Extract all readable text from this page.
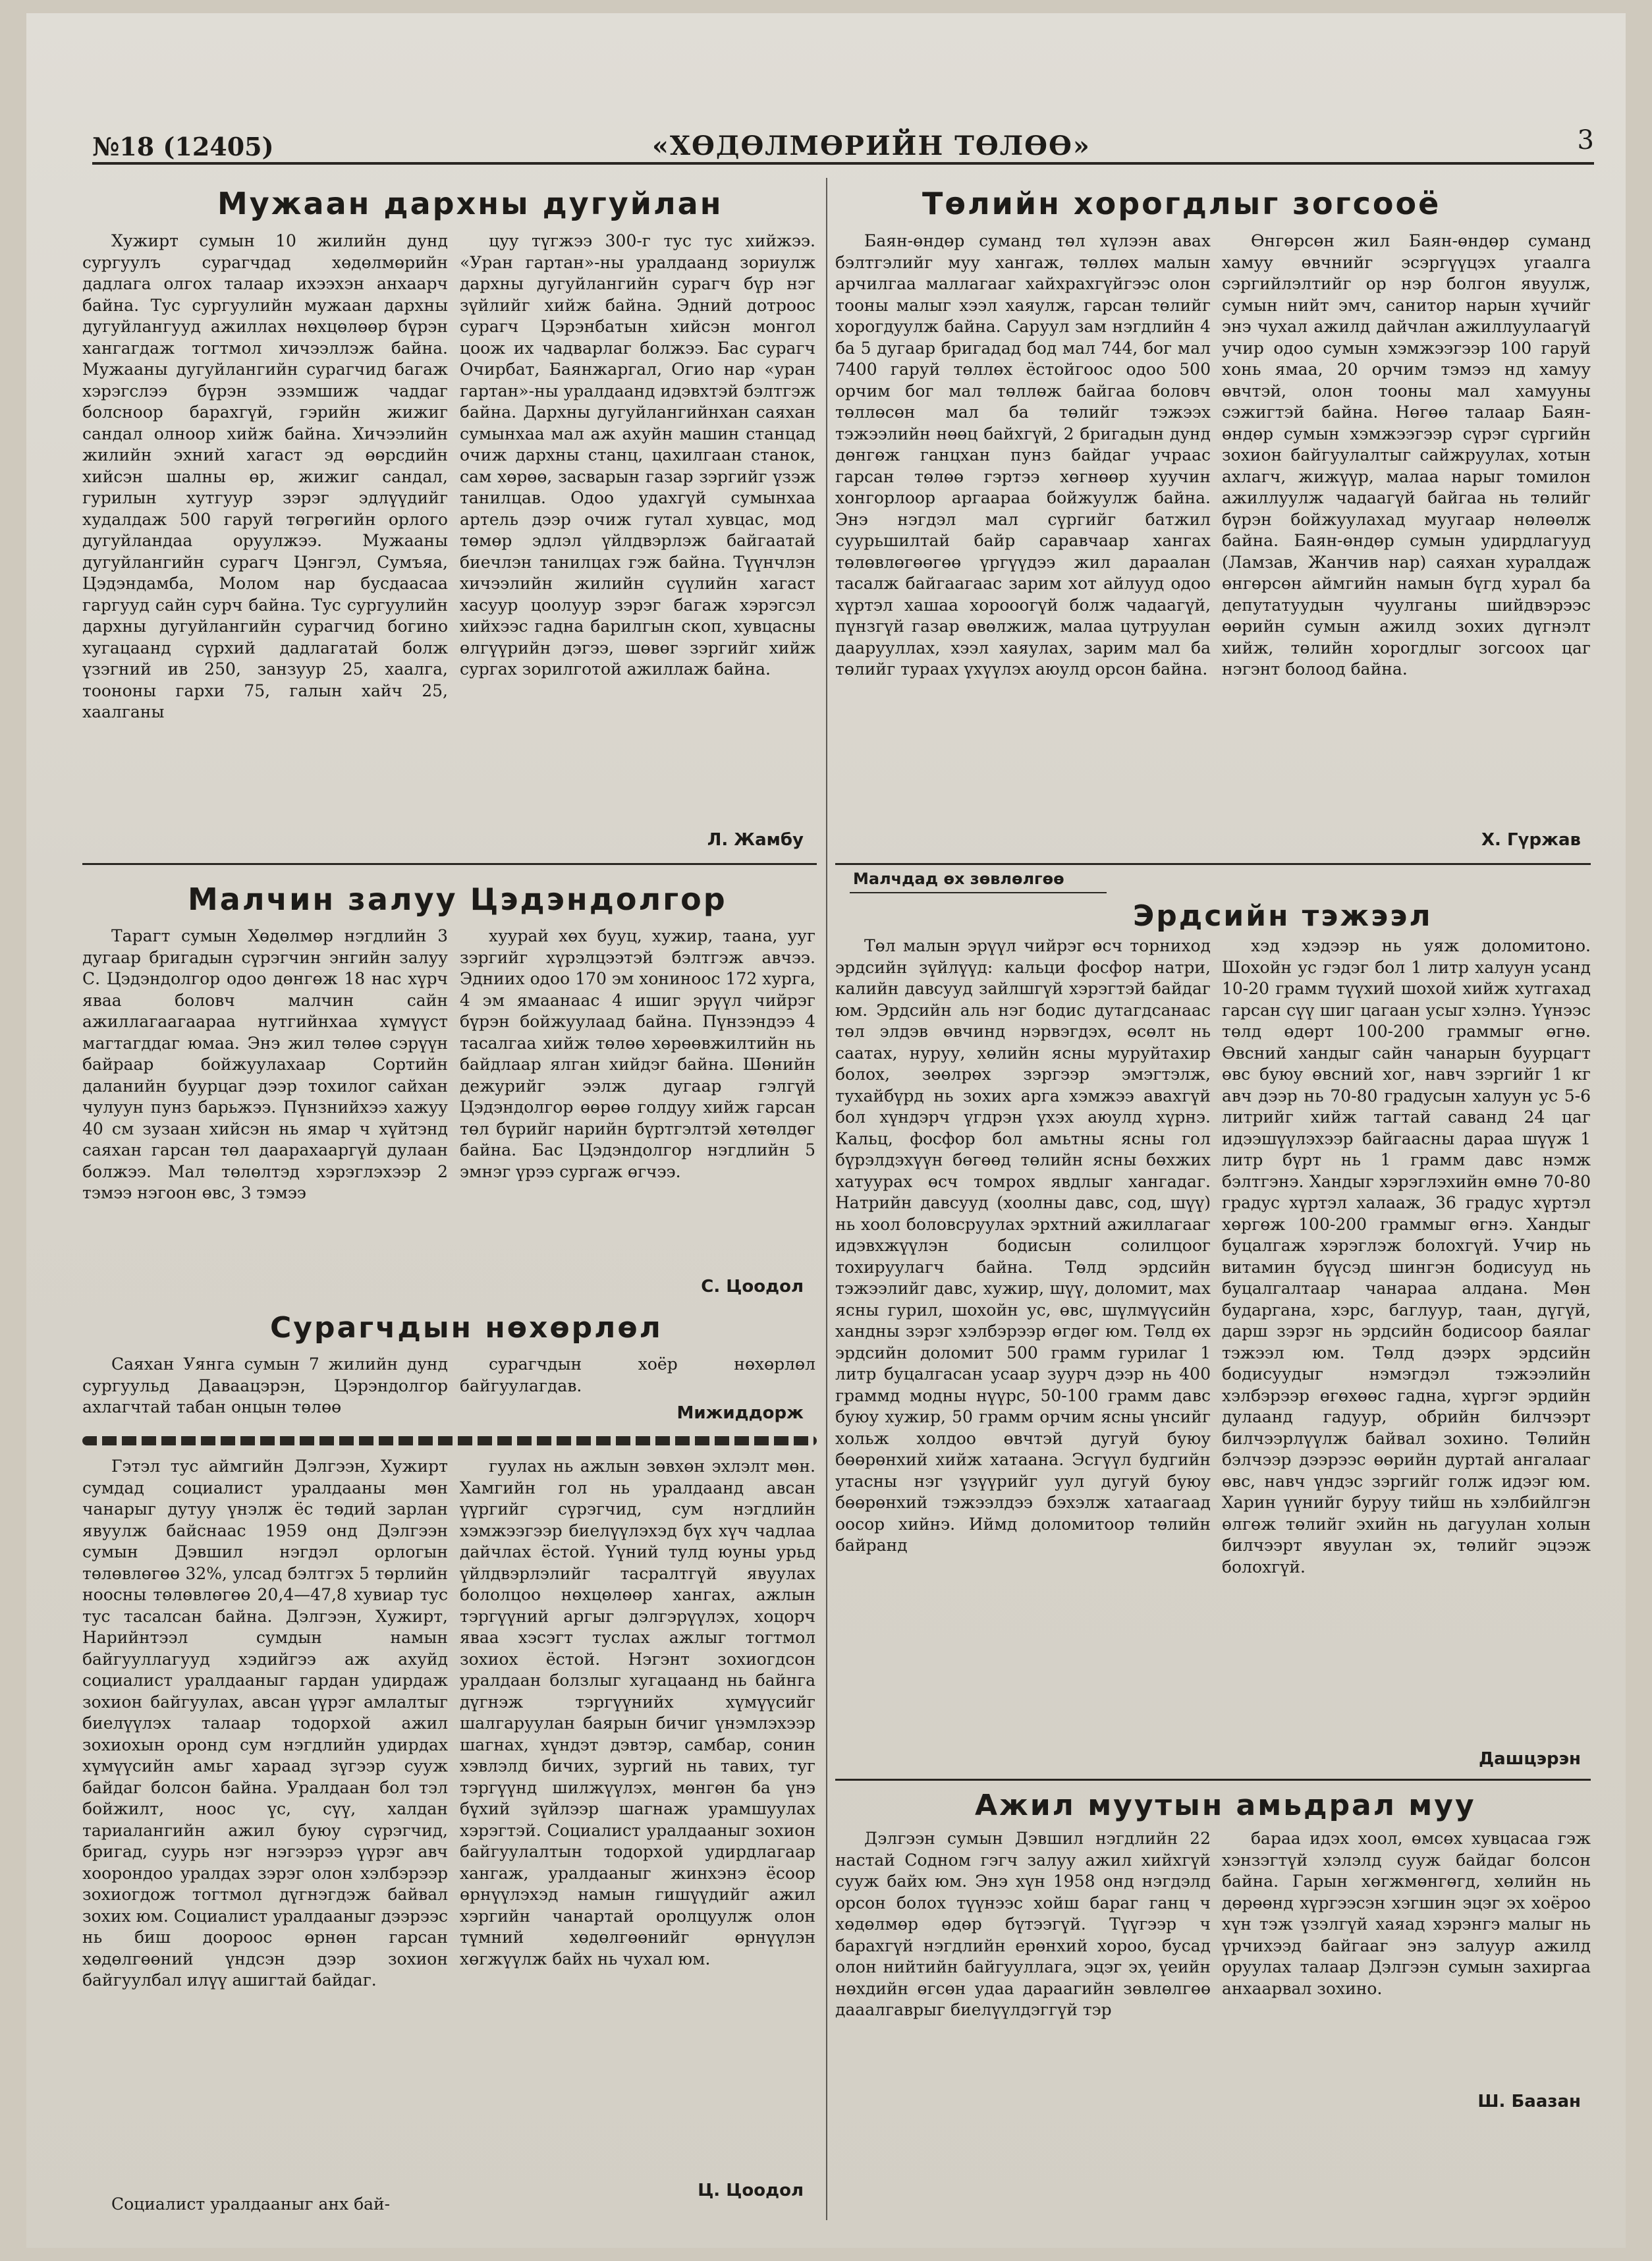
№18 (12405)	«ХӨДӨЛМӨРИЙН ТӨЛӨӨ»	3
Мужаан дархны дугуйлан

Хужирт сумын 10 жилийн дунд сургуулъ сурагчдад хөдөлмөрийн дадлага олгох талаар ихээхэн анхаарч байна. Тус сургуулийн мужаан дархны дугуйлангууд ажиллах нөхцөлөөр бүрэн хангагдаж тогтмол хичээллэж байна. Мужааны дугуйлангийн сурагчид багаж хэрэгслээ бүрэн эзэмшиж чаддаг болсноор барахгүй, гэрийн жижиг сандал олноор хийж байна. Хичээлийн жилийн эхний хагаст эд өөрсдийн хийсэн шалны өр, жижиг сандал, гурилын хутгуур зэрэг эдлүүдийг худалдаж 500 гаруй төгрөгийн орлого дугуйландаа оруулжээ. Мужааны дугуйлангийн сурагч Цэнгэл, Сумъяа, Цэдэндамба, Молом нар бусдаасаа гаргууд сайн сурч байна. Тус сургуулийн дархны дугуйлангийн сурагчид богино хугацаанд сүрхий дадлагатай болж үзэгний ив 250, занзуур 25, хаалга, тоононы гархи 75, галын хайч 25, хаалганы

цуу түгжээ 300-г тус тус хийжээ. «Уран гартан»-ны уралдаанд зориулж дархны дугуйлангийн сурагч бүр нэг зүйлийг хийж байна. Эдний дотроос сурагч Цэрэнбатын хийсэн монгол цоож их чадварлаг болжээ. Бас сурагч Очирбат, Баянжаргал, Огио нар «уран гартан»-ны уралдаанд идэвхтэй бэлтгэж байна. Дархны дугуйлангийнхан саяхан сумынхаа мал аж ахуйн машин станцад очиж дархны станц, цахилгаан станок, сам хөрөө, засварын газар зэргийг үзэж танилцав. Одоо удахгүй сумынхаа артель дээр очиж гутал хувцас, мод төмөр эдлэл үйлдвэрлэж байгаатай биечлэн танилцах гэж байна. Түүнчлэн хичээлийн жилийн сүүлийн хагаст хасуур цоолуур зэрэг багаж хэрэгсэл хийхээс гадна барилгын скоп, хувцасны өлгүүрийн дэгээ, шөвөг зэргийг хийж сургах зорилготой ажиллаж байна.

Л. Жамбу
Төлийн хорогдлыг зогсооё

Баян-өндөр суманд төл хүлээн авах бэлтгэлийг муу хангаж, төллөх малын арчилгаа маллагааг хайхрахгүйгээс олон тооны малыг хээл хаяулж, гарсан төлийг хорогдуулж байна. Саруул зам нэгдлийн 4 ба 5 дугаар бригадад бод мал 744, бог мал 7400 гаруй төллөх ёстойгоос одоо 500 орчим бог мал төллөж байгаа боловч төллөсөн мал ба төлийг тэжээх тэжээлийн нөөц байхгүй, 2 бригадын дунд дөнгөж ганцхан пунз байдаг учраас гарсан төлөө гэртээ хөгнөөр хуучин хонгорлоор аргаараа бойжуулж байна. Энэ нэгдэл мал сүргийг батжил суурьшилтай байр саравчаар хангах төлөвлөгөөгөө үргүүдээ жил дараалан тасалж байгаагаас зарим хот айлууд одоо хүртэл хашаа хорооогүй болж чадаагүй, пүнзгүй газар өвөлжиж, малаа цутруулан даарууллах, хээл хаяулах, зарим мал ба төлийг тураах үхүүлэх аюулд орсон байна.

Өнгөрсөн жил Баян-өндөр суманд хамуу өвчнийг эсэргүүцэх угаалга сэргийлэлтийг ор нэр болгон явуулж, сумын нийт эмч, санитор нарын хүчийг энэ чухал ажилд дайчлан ажиллуулаагүй учир одоо сумын хэмжээгээр 100 гаруй хонь ямаа, 20 орчим тэмээ нд хамуу өвчтэй, олон тооны мал хамууны сэжигтэй байна. Нөгөө талаар Баян-өндөр сумын хэмжээгээр сүрэг сүргийн зохион байгуулалтыг сайжруулах, хотын ахлагч, жижүүр, малаа нарыг томилон ажиллуулж чадаагүй байгаа нь төлийг бүрэн бойжуулахад муугаар нөлөөлж байна. Баян-өндөр сумын удирдлагууд (Ламзав, Жанчив нар) саяхан хуралдаж өнгөрсөн аймгийн намын бүгд хурал ба депутатуудын чуулганы шийдвэрээс өөрийн сумын ажилд зохих дүгнэлт хийж, төлийн хорогдлыг зогсоох цаг нэгэнт болоод байна.

Х. Гүржав
Малчин залуу Цэдэндолгор

Тарагт сумын Хөдөлмөр нэгдлийн 3 дугаар бригадын сүрэгчин энгийн залуу С. Цэдэндолгор одоо дөнгөж 18 нас хүрч явaa боловч малчин сайн ажиллагаагаараа нутгийнхаа хүмүүст магтагддаг юмаа. Энэ жил төлөө сэрүүн байраар бойжуулахаар Сортийн даланийн буурцаг дээр тохилог сайхан чулуун пунз барьжээ. Пүнзнийхээ хажуу 40 см зузаан хийсэн нь ямар ч хүйтэнд саяхан гарсан төл даарахааргүй дулаан болжээ. Мал төлөлтэд хэрэглэхээр 2 тэмээ нэгоон өвс, 3 тэмээ

хуурай хөх бууц, хужир, таана, ууг зэргийг хүрэлцээтэй бэлтгэж авчээ. Эдниих одоо 170 эм хониноос 172 хурга, 4 эм ямаанаас 4 ишиг эрүүл чийрэг бүрэн бойжуулаад байна. Пүнзэндээ 4 тасалгаа хийж төлөө хөрөөвжилтийн нь байдлаар ялган хийдэг байна. Шөнийн дежурийг ээлж дугаар гэлгүй Цэдэндолгор өөрөө голдуу хийж гарсан төл бүрийг нарийн бүртгэлтэй хөтөлдөг байна. Бас Цэдэндолгор нэгдлийн 5 эмнэг үрээ сургаж өгчээ.

С. Цоодол
Сурагчдын нөхөрлөл

Саяхан Уянга сумын 7 жилийн дунд сургуульд Даваацэрэн, Цэрэндолгор ахлагчтай табан онцын төлөө

сурагчдын хоёр нөхөрлөл байгуулагдав.

Мижиддорж

Гэтэл тус аймгийн Дэлгээн, Хужирт сумдад социалист уралдааны мөн чанарыг дутуу үнэлж ёс төдий зарлан явуулж байснаас 1959 онд Дэлгээн сумын Дэвшил нэгдэл орлогын төлөвлөгөө 32%, улсад бэлтгэх 5 төрлийн нооcны төлөвлөгөө 20,4—47,8 хувиар тус тус тасалсан байна. Дэлгээн, Хужирт, Нарийнтээл сумдын намын байгууллагууд хэдийгээ аж ахуйд социалист уралдааныг гардан удирдаж зохион байгуулах, авсан үүрэг амлалтыг биелүүлэх талаар тодорхой ажил зохиохын оронд сум нэгдлийн удирдах хүмүүсийн амьг хараад зүгээр сууж байдаг болсон байна. Уралдаан бол тэл бойжилт, ноос үс, сүү, халдан тариалангийн ажил буюу сүрэгчид, бригад, суурь нэг нэгээрээ үүрэг авч хоорондоо уралдах зэрэг олон хэлбэрээр зохиогдож тогтмол дүгнэгдэж байвал зохих юм. Социалист уралдааныг дээрээс нь биш доороос өрнөн гарсан хөдөлгөөний үндсэн дээр зохион байгуулбал илүү ашигтай байдаг.

Социалист уралдааныг анх бай-

гуулах нь ажлын зөвхөн эхлэлт мөн. Хамгийн гол нь уралдаанд авсан үүргийг сүрэгчид, сум нэгдлийн хэмжээгээр биелүүлэхэд бүх хүч чадлаа дайчлах ёстой. Үүний тулд юуны урьд үйлдвэрлэлийг тасралтгүй явуулах бололцоо нөхцөлөөр хангах, ажлын тэргүүний аргыг дэлгэрүүлэх, хоцорч яваа хэсэгт туслах ажлыг тогтмол зохиох ёстой. Нэгэнт зохиогдсон уралдаан болзлыг хугацаанд нь байнга дүгнэж тэргүүнийх хүмүүсийг шалгаруулан баярын бичиг үнэмлэхээр шагнах, хүндэт дэвтэр, самбар, сонин хэвлэлд бичих, зургий нь тавих, туг тэргүүнд шилжүүлэх, мөнгөн ба үнэ бүхий зүйлээр шагнаж урамшуулах хэрэгтэй. Социалист уралдааныг зохион байгуулалтын тодорхой удирдлагаар хангаж, уралдааныг жинхэнэ ёсоор өрнүүлэхэд намын гишүүдийг ажил хэргийн чанартай оролцуулж олон түмний хөдөлгөөнийг өрнүүлэн хөгжүүлж байх нь чухал юм.

Ц. Цоодол
Малчдад өх зөвлөлгөө
Эрдсийн тэжээл

Төл малын эрүүл чийрэг өсч торниход эрдсийн зүйлүүд: кальци фосфор натри, калийн давсууд зайлшгүй хэрэгтэй байдаг юм. Эрдсийн аль нэг бодис дутагдсанаас төл элдэв өвчинд нэрвэгдэх, өсөлт нь саатах, нуруу, хөлийн ясны муруйтахир болох, зөөлрөх зэргээр эмэгтэлж, тухайбүрд нь зохих арга хэмжээ авахгүй бол хүндэрч үгдрэн үхэх аюулд хүрнэ. Кальц, фосфор бол амьтны ясны гол бүрэлдэхүүн бөгөөд төлийн ясны бөхжих хатуурах өсч томрох явдлыг хангадаг. Натрийн давсууд (хоолны давс, сод, шүү) нь хоол боловсруулах эрхтний ажиллагааг идэвхжүүлэн бодисын солилцоог тохируулагч байна. Төлд эрдсийн тэжээлийг давс, хужир, шүү, доломит, мах ясны гурил, шохойн ус, өвс, шүлмүүсийн хандны зэрэг хэлбэрээр өгдөг юм. Төлд өх эрдсийн доломит 500 грамм гурилаг 1 литр буцалгасан усаар зуурч дээр нь 400 граммд модны нүүрс, 50-100 грамм давс буюу хужир, 50 грамм орчим ясны үнсийг хольж холдоо өвчтэй дугуй буюу бөөрөнхий хийж хатаана. Эсгүүл будгийн утасны нэг үзүүрийг уул дугуй буюу бөөрөнхий тэжээлдээ бэхэлж хатаагаад оосор хийнэ. Иймд доломитоор төлийн байранд

хэд хэдээр нь уяж доломитоно. Шохойн ус гэдэг бол 1 литр халуун усанд 10-20 грамм түүхий шохой хийж хутгахад гарсан сүү шиг цагаан усыг хэлнэ. Үүнээс төлд өдөрт 100-200 граммыг өгнө. Өвсний хандыг сайн чанарын буурцагт өвс буюу өвсний хог, навч зэргийг 1 кг авч дээр нь 70-80 градусын халуун ус 5-6 литрийг хийж тагтай саванд 24 цаг идээшүүлэхээр байгаасны дараа шүүж 1 литр бүрт нь 1 грамм давс нэмж бэлтгэнэ. Хандыг хэрэглэхийн өмнө 70-80 градус хүртэл халааж, 36 градус хүртэл хөргөж 100-200 граммыг өгнэ. Хандыг буцалгаж хэрэглэж болохгүй. Учир нь витамин бүүсэд шингэн бодисууд нь буцалгалтаар чанараа алдана. Мөн бударгана, хэрс, баглуур, таан, дүгүй, дарш зэрэг нь эрдсийн бодисоор баялаг тэжээл юм. Төлд дээрх эрдсийн бодисуудыг нэмэгдэл тэжээлийн хэлбэрээр өгөхөөс гадна, хүргэг эрдийн дулаанд гадуур, обрийн билчээрт билчээрлүүлж байвал зохино. Төлийн бэлчээр дээрээс өөрийн дуртай ангалааг өвс, навч үндэс зэргийг голж идээг юм. Харин үүнийг буруу тийш нь хэлбийлгэн өлгөж төлийг эхийн нь дагуулан холын билчээрт явуулан эх, төлийг эцээж болохгүй.

Дашцэрэн
Ажил муутын амьдрал муу

Дэлгээн сумын Дэвшил нэгдлийн 22 настай Содном гэгч залуу ажил хийхгүй сууж байх юм. Энэ хүн 1958 онд нэгдэлд орсон болох түүнээс хойш бараг ганц ч хөдөлмөр өдөр бүтээгүй. Түүгээр ч барахгүй нэгдлийн ерөнхий хороо, бусад олон нийтийн байгууллага, эцэг эх, үеийн нөхдийн өгсөн удаа дараагийн зөвлөлгөө дааалгаврыг биелүүлдэггүй тэр

бараа идэх хоол, өмсөх хувцасаа гэж хэнзэгтүй хэлэлд сууж байдаг болсон байна. Гарын хөгжмөнгөгд, хөлийн нь дөрөөнд хүргээсэн хэгшин эцэг эх хоёроо хүн тэж үзэлгүй хаяад хэрэнгэ малыг нь үрчихээд байгааг энэ залуур ажилд оруулах талаар Дэлгээн сумын захиргаа анхаарвал зохино.

Ш. Баазан
